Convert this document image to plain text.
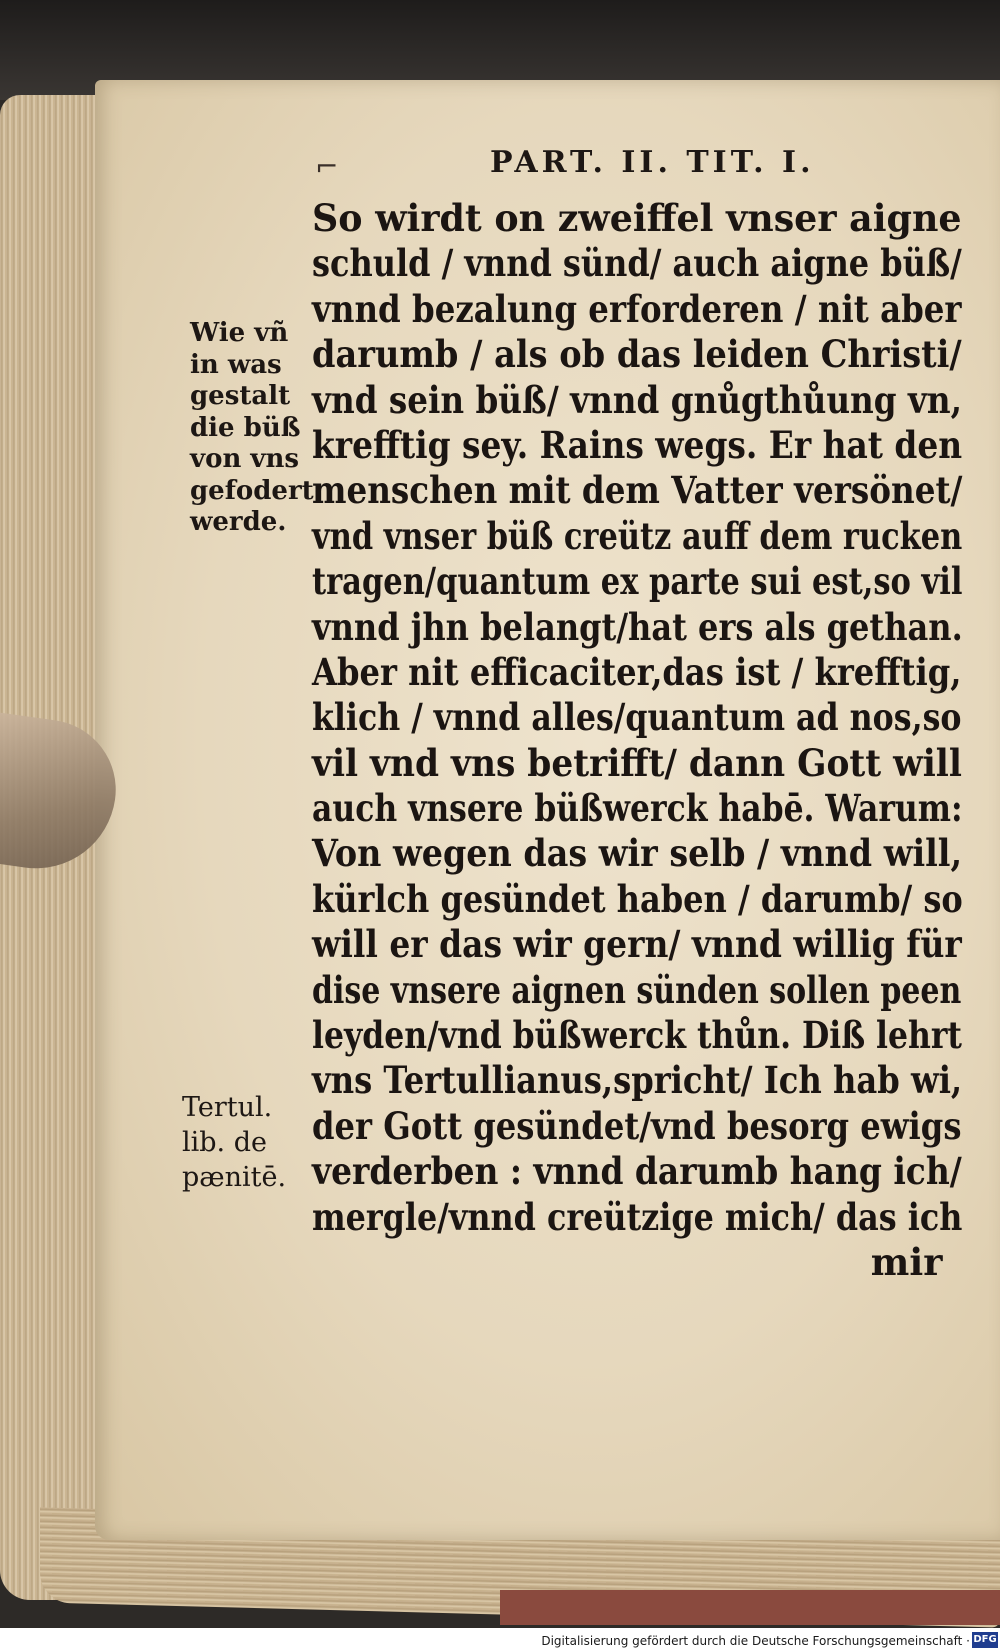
⌐	PART. II. TIT. I.
Wie vñ
in was
gestalt
die büß
von vns
gefodert
werde.
Tertul.
lib. de
pænitē.
So wirdt on zweiffel vnser aigne
schuld / vnnd sünd/ auch aigne büß/
vnnd bezalung erforderen / nit aber
darumb / als ob das leiden Christi/
vnd sein büß/ vnnd gnůgthůung vn,
krefftig sey. Rains wegs. Er hat den
menschen mit dem Vatter versönet/
vnd vnser büß creütz auff dem rucken
tragen/quantum ex parte sui est,so vil
vnnd jhn belangt/hat ers als gethan.
Aber nit efficaciter,das ist / krefftig,
klich / vnnd alles/quantum ad nos,so
vil vnd vns betrifft/ dann Gott will
auch vnsere büßwerck habē. Warum:
Von wegen das wir selb / vnnd will,
kürlch gesündet haben / darumb/ so
will er das wir gern/ vnnd willig für
dise vnsere aignen sünden sollen peen
leyden/vnd büßwerck thůn. Diß lehrt
vns Tertullianus,spricht/ Ich hab wi,
der Gott gesündet/vnd besorg ewigs
verderben : vnnd darumb hang ich/
mergle/vnnd creützige mich/ das ich
mir
Digitalisierung gefördert durch die Deutsche Forschungsgemeinschaft · DFG
